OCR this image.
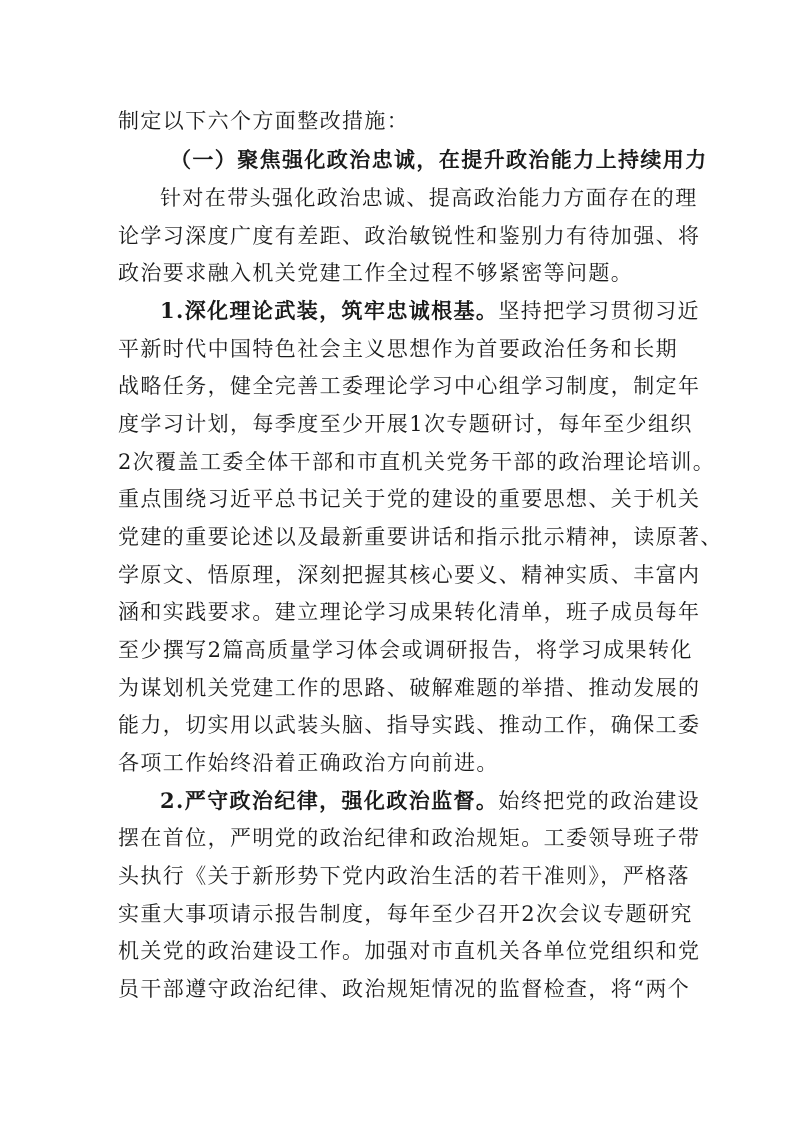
制定以下六个方面整改措施：
（一）聚焦强化政治忠诚，在提升政治能力上持续用力
针对在带头强化政治忠诚、提高政治能力方面存在的理
论学习深度广度有差距、政治敏锐性和鉴别力有待加强、将
政治要求融入机关党建工作全过程不够紧密等问题。
1.深化理论武装，筑牢忠诚根基。坚持把学习贯彻习近
平新时代中国特色社会主义思想作为首要政治任务和长期
战略任务，健全完善工委理论学习中心组学习制度，制定年
度学习计划，每季度至少开展1次专题研讨，每年至少组织
2次覆盖工委全体干部和市直机关党务干部的政治理论培训。
重点围绕习近平总书记关于党的建设的重要思想、关于机关
党建的重要论述以及最新重要讲话和指示批示精神，读原著、
学原文、悟原理，深刻把握其核心要义、精神实质、丰富内
涵和实践要求。建立理论学习成果转化清单，班子成员每年
至少撰写2篇高质量学习体会或调研报告，将学习成果转化
为谋划机关党建工作的思路、破解难题的举措、推动发展的
能力，切实用以武装头脑、指导实践、推动工作，确保工委
各项工作始终沿着正确政治方向前进。
2.严守政治纪律，强化政治监督。始终把党的政治建设
摆在首位，严明党的政治纪律和政治规矩。工委领导班子带
头执行《关于新形势下党内政治生活的若干准则》，严格落
实重大事项请示报告制度，每年至少召开2次会议专题研究
机关党的政治建设工作。加强对市直机关各单位党组织和党
员干部遵守政治纪律、政治规矩情况的监督检查，将“两个
